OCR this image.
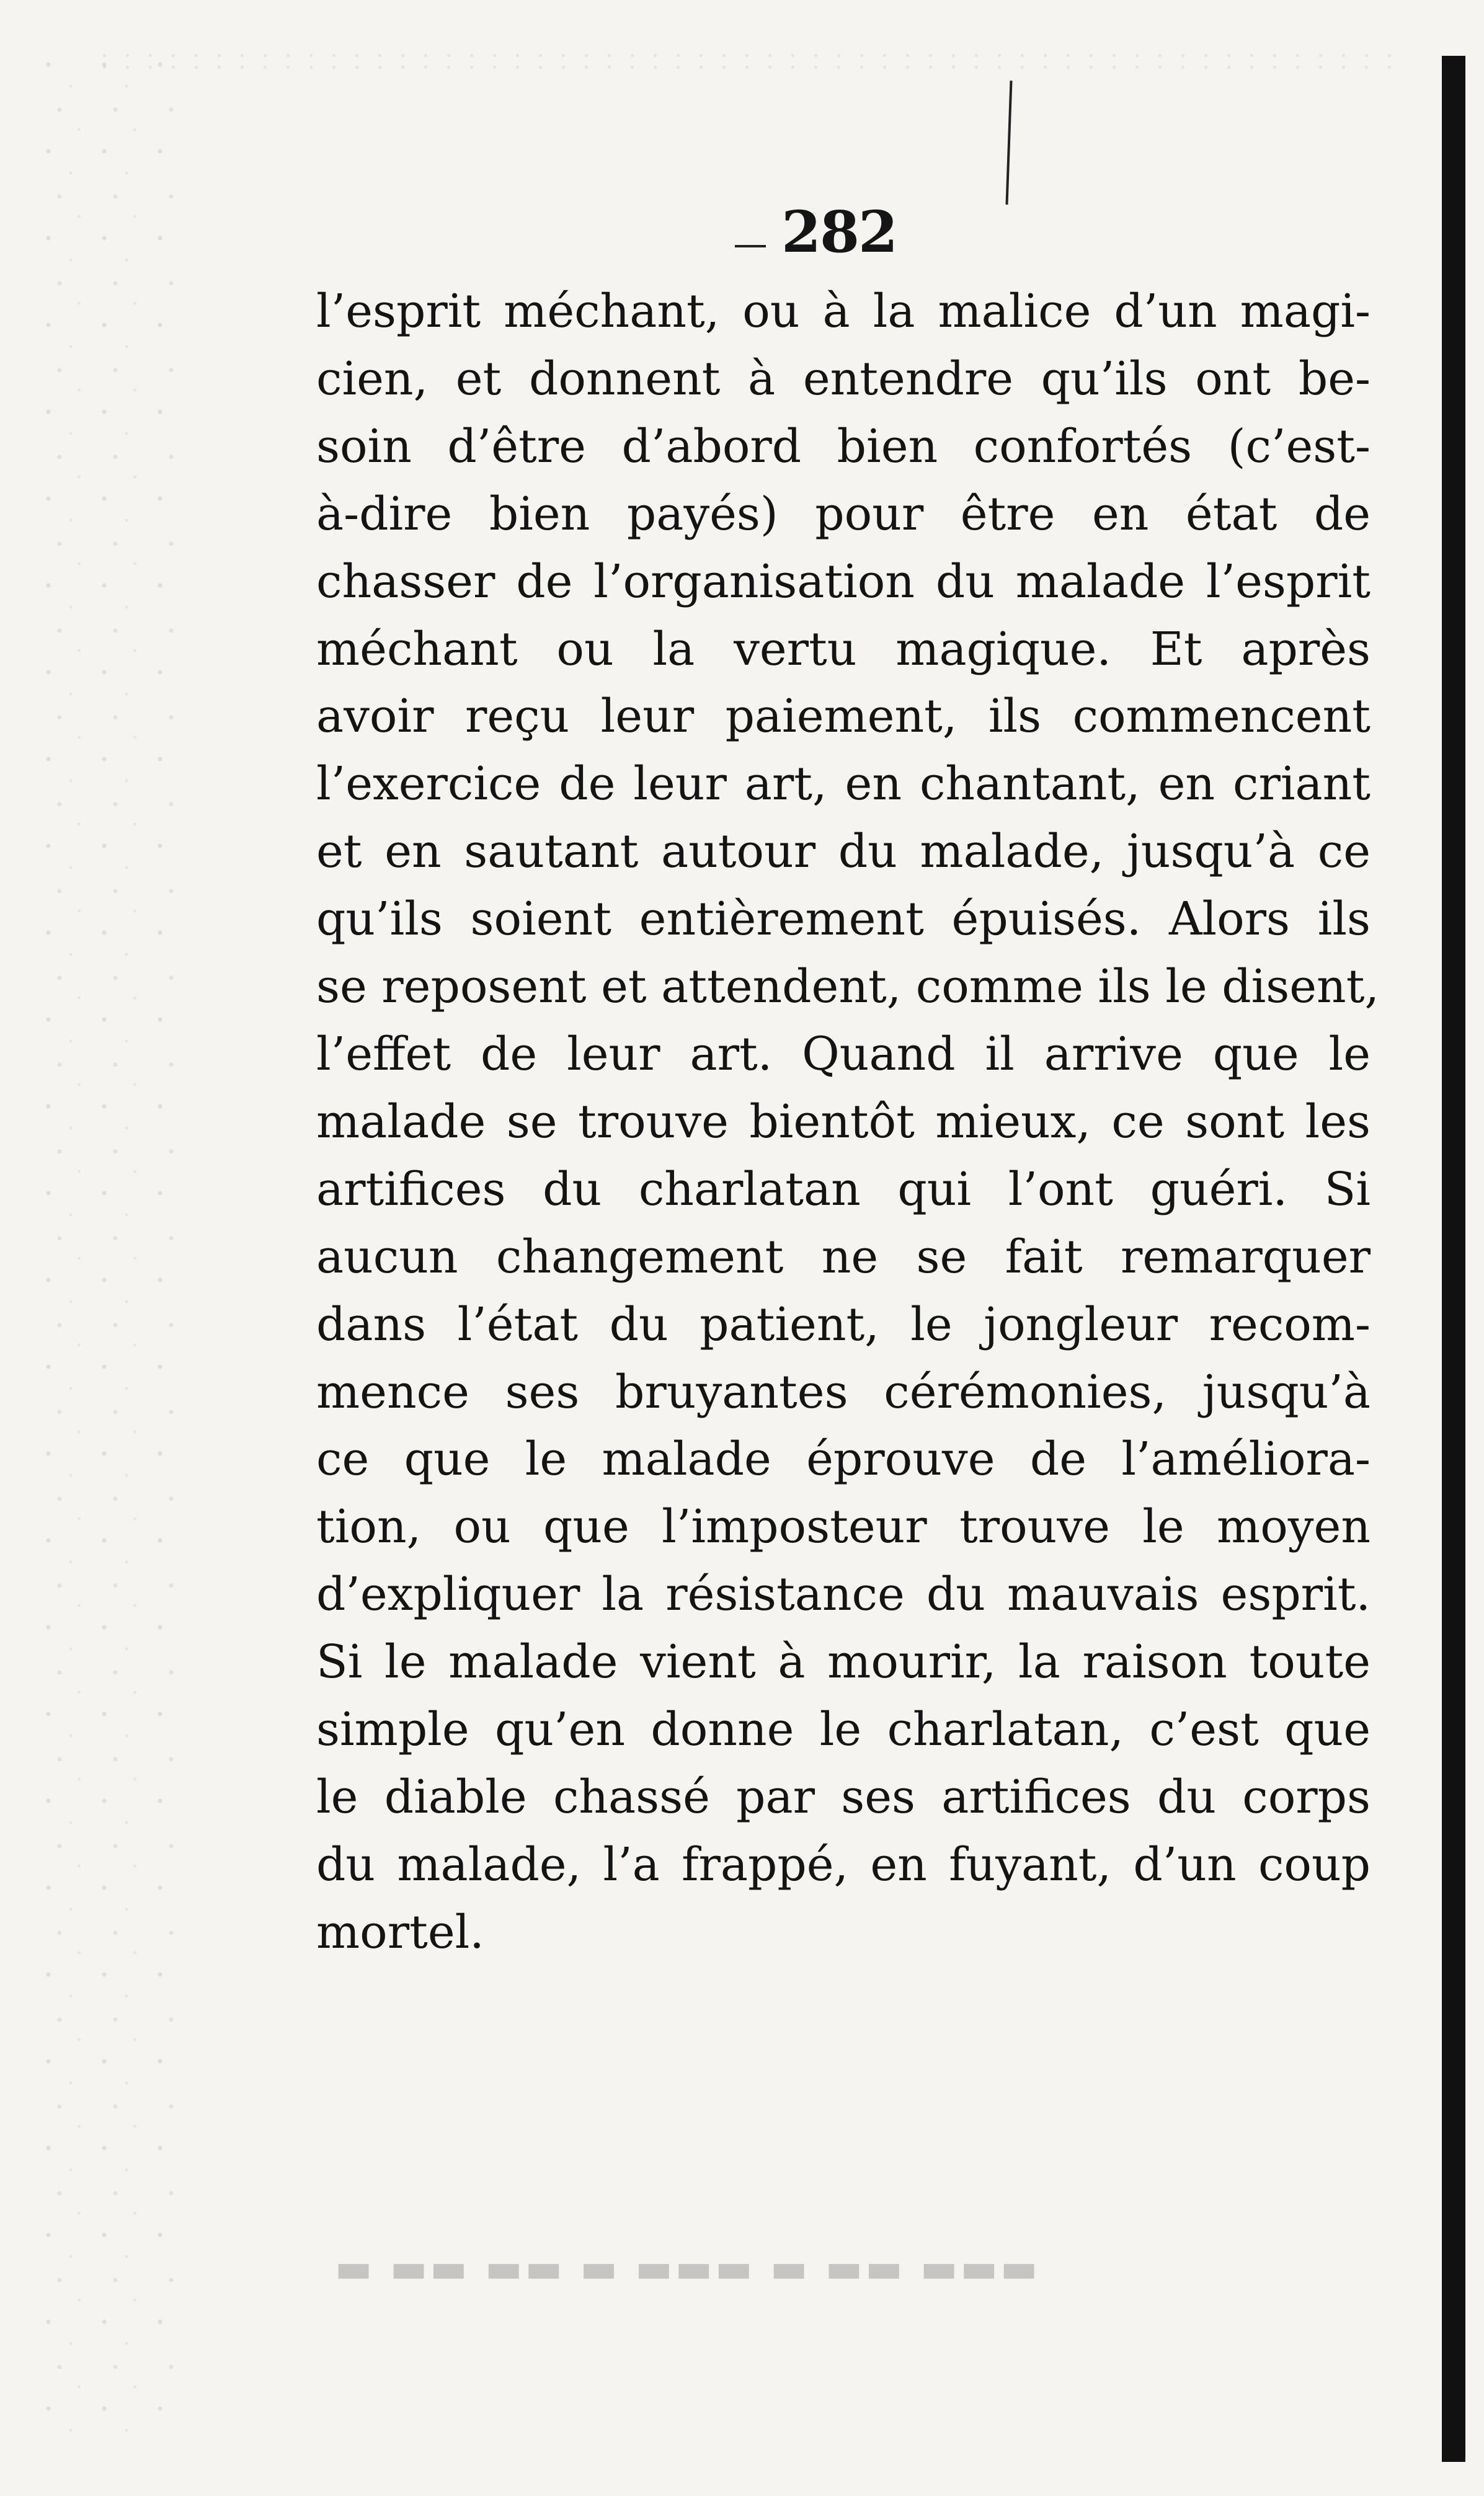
282
l’esprit méchant, ou à la malice d’un magi-
cien, et donnent à entendre qu’ils ont be-
soin d’être d’abord bien confortés (c’est-
à-dire bien payés) pour être en état de
chasser de l’organisation du malade l’esprit
méchant ou la vertu magique. Et après
avoir reçu leur paiement, ils commencent
l’exercice de leur art, en chantant, en criant
et en sautant autour du malade, jusqu’à ce
qu’ils soient entièrement épuisés. Alors ils
se reposent et attendent, comme ils le disent,
l’effet de leur art. Quand il arrive que le
malade se trouve bientôt mieux, ce sont les
artifices du charlatan qui l’ont guéri. Si
aucun changement ne se fait remarquer
dans l’état du patient, le jongleur recom-
mence ses bruyantes cérémonies, jusqu’à
ce que le malade éprouve de l’améliora-
tion, ou que l’imposteur trouve le moyen
d’expliquer la résistance du mauvais esprit.
Si le malade vient à mourir, la raison toute
simple qu’en donne le charlatan, c’est que
le diable chassé par ses artifices du corps
du malade, l’a frappé, en fuyant, d’un coup
mortel.
▬ ▬▬ ▬▬ ▬ ▬▬▬ ▬ ▬▬ ▬▬▬
